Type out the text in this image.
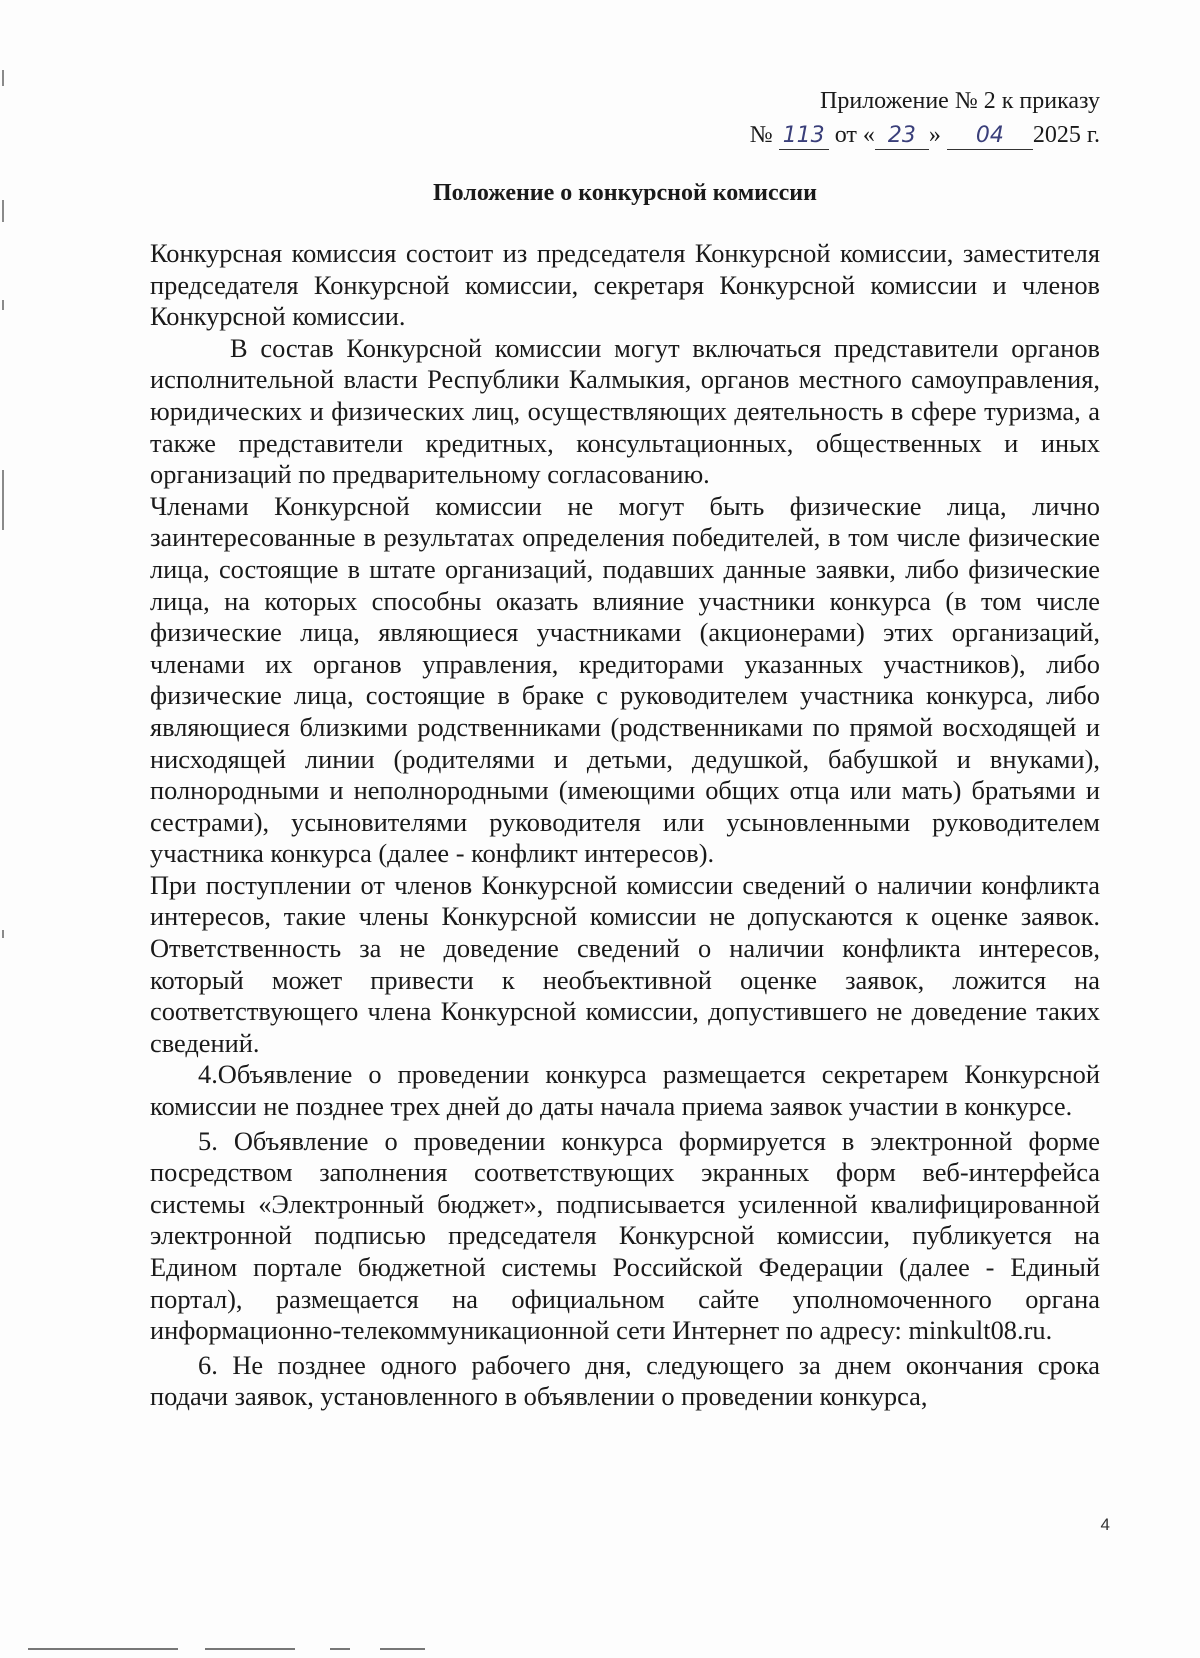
Приложение № 2 к приказу
№ 113 от « 23 » 04 2025 г.
Положение о конкурсной комиссии

Конкурсная комиссия состоит из председателя Конкурсной комиссии, заместителя председателя Конкурсной комиссии, секретаря Конкурсной комиссии и членов Конкурсной комиссии.

В состав Конкурсной комиссии могут включаться представители органов исполнительной власти Республики Калмыкия, органов местного самоуправления, юридических и физических лиц, осуществляющих деятельность в сфере туризма, а также представители кредитных, консультационных, общественных и иных организаций по предварительному согласованию.

Членами Конкурсной комиссии не могут быть физические лица, лично заинтересованные в результатах определения победителей, в том числе физические лица, состоящие в штате организаций, подавших данные заявки, либо физические лица, на которых способны оказать влияние участники конкурса (в том числе физические лица, являющиеся участниками (акционерами) этих организаций, членами их органов управления, кредиторами указанных участников), либо физические лица, состоящие в браке с руководителем участника конкурса, либо являющиеся близкими родственниками (родственниками по прямой восходящей и нисходящей линии (родителями и детьми, дедушкой, бабушкой и внуками), полнородными и неполнородными (имеющими общих отца или мать) братьями и сестрами), усыновителями руководителя или усыновленными руководителем участника конкурса (далее - конфликт интересов).

При поступлении от членов Конкурсной комиссии сведений о наличии конфликта интересов, такие члены Конкурсной комиссии не допускаются к оценке заявок. Ответственность за не доведение сведений о наличии конфликта интересов, который может привести к необъективной оценке заявок, ложится на соответствующего члена Конкурсной комиссии, допустившего не доведение таких сведений.

4.Объявление о проведении конкурса размещается секретарем Конкурсной комиссии не позднее трех дней до даты начала приема заявок участии в конкурсе.

5. Объявление о проведении конкурса формируется в электронной форме посредством заполнения соответствующих экранных форм веб-интерфейса системы «Электронный бюджет», подписывается усиленной квалифицированной электронной подписью председателя Конкурсной комиссии, публикуется на Едином портале бюджетной системы Российской Федерации (далее - Единый портал), размещается на официальном сайте уполномоченного органа информационно-телекоммуникационной сети Интернет по адресу: minkult08.ru.

6. Не позднее одного рабочего дня, следующего за днем окончания срока подачи заявок, установленного в объявлении о проведении конкурса,

4
